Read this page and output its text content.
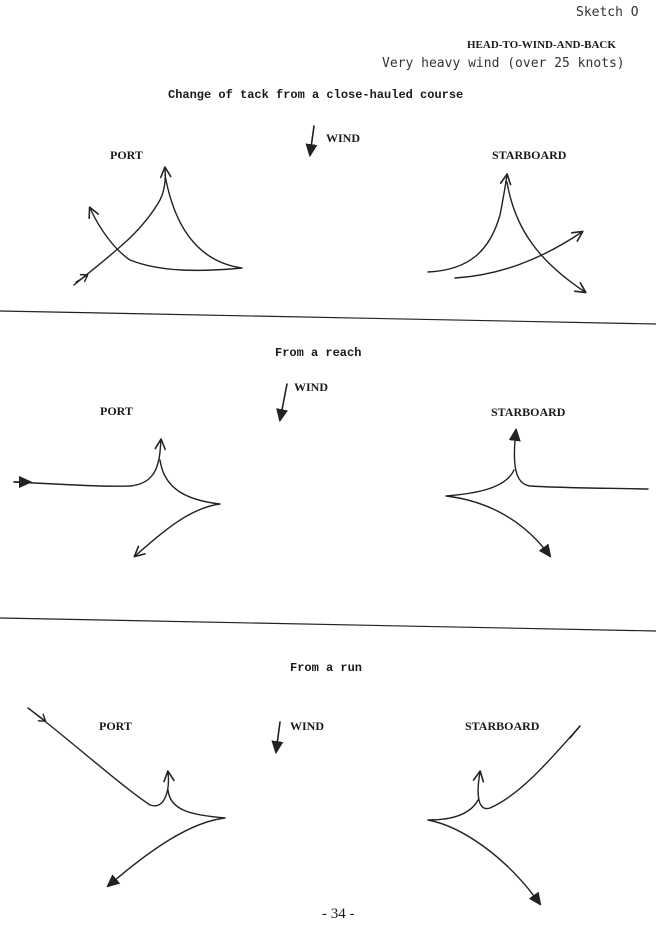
Sketch O
HEAD-TO-WIND-AND-BACK
Very heavy wind (over 25 knots)
Change of tack from a close-hauled course
WIND
PORT	STARBOARD
From a reach
WIND
PORT	STARBOARD
From a run
WIND
PORT	STARBOARD
- 34 -
